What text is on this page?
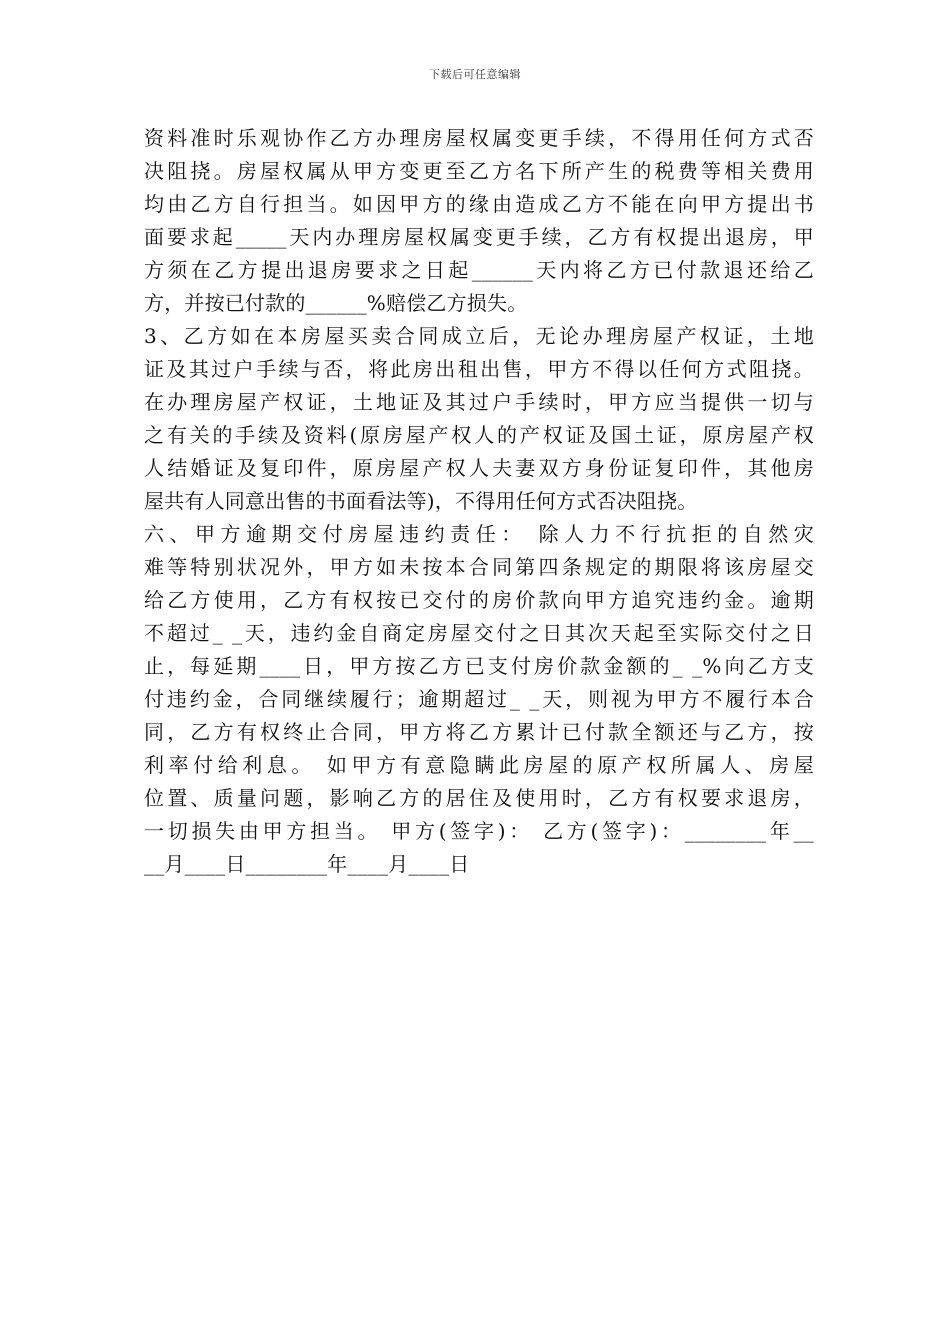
下载后可任意编辑
资料准时乐观协作乙方办理房屋权属变更手续，不得用任何方式否
决阻挠。房屋权属从甲方变更至乙方名下所产生的税费等相关费用
均由乙方自行担当。如因甲方的缘由造成乙方不能在向甲方提出书
面要求起_____天内办理房屋权属变更手续，乙方有权提出退房，甲
方须在乙方提出退房要求之日起______天内将乙方已付款退还给乙
方，并按已付款的______%赔偿乙方损失。
3、乙方如在本房屋买卖合同成立后，无论办理房屋产权证，土地
证及其过户手续与否，将此房出租出售，甲方不得以任何方式阻挠。
在办理房屋产权证，土地证及其过户手续时，甲方应当提供一切与
之有关的手续及资料(原房屋产权人的产权证及国土证，原房屋产权
人结婚证及复印件，原房屋产权人夫妻双方身份证复印件，其他房
屋共有人同意出售的书面看法等)，不得用任何方式否决阻挠。
六、甲方逾期交付房屋违约责任： 除人力不行抗拒的自然灾
难等特别状况外，甲方如未按本合同第四条规定的期限将该房屋交
给乙方使用，乙方有权按已交付的房价款向甲方追究违约金。逾期
不超过_ _天，违约金自商定房屋交付之日其次天起至实际交付之日
止，每延期____日，甲方按乙方已支付房价款金额的_ _%向乙方支
付违约金，合同继续履行；逾期超过_ _天，则视为甲方不履行本合
同，乙方有权终止合同，甲方将乙方累计已付款全额还与乙方，按
利率付给利息。 如甲方有意隐瞒此房屋的原产权所属人、房屋
位置、质量问题，影响乙方的居住及使用时，乙方有权要求退房，
一切损失由甲方担当。 甲方(签字)： 乙方(签字)：________年__
__月____日________年____月____日
